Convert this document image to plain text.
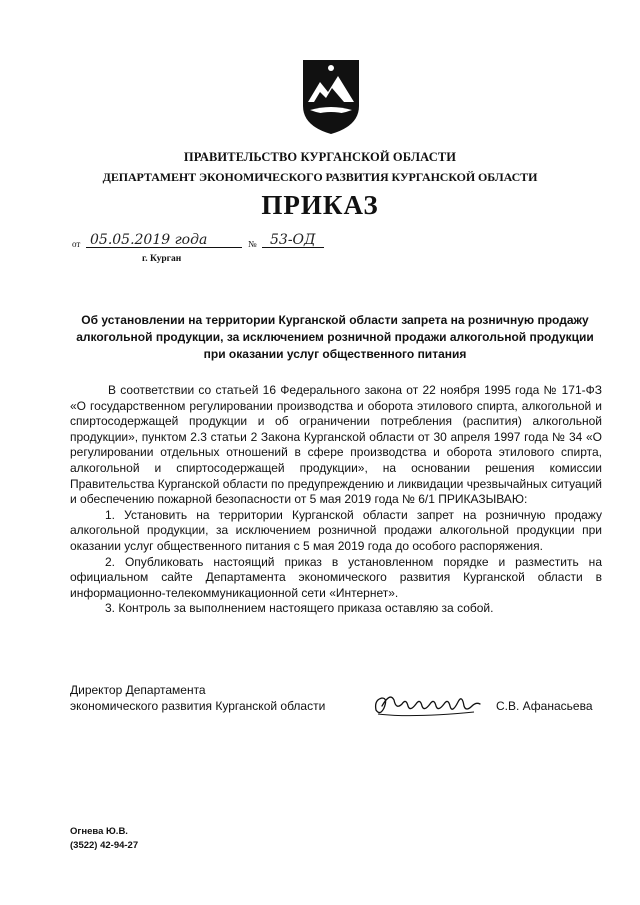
ПРАВИТЕЛЬСТВО КУРГАНСКОЙ ОБЛАСТИ
ДЕПАРТАМЕНТ ЭКОНОМИЧЕСКОГО РАЗВИТИЯ КУРГАНСКОЙ ОБЛАСТИ
ПРИКАЗ
от 05.05.2019 года	№ 53-ОД
г. Курган
Об установлении на территории Курганской области запрета на розничную продажу алкогольной продукции, за исключением розничной продажи алкогольной продукции при оказании услуг общественного питания

В соответствии со статьей 16 Федерального закона от 22 ноября 1995 года № 171-ФЗ «О государственном регулировании производства и оборота этилового спирта, алкогольной и спиртосодержащей продукции и об ограничении потребления (распития) алкогольной продукции», пунктом 2.3 статьи 2 Закона Курганской области от 30 апреля 1997 года № 34 «О регулировании отдельных отношений в сфере производства и оборота этилового спирта, алкогольной и спиртосодержащей продукции», на основании решения комиссии Правительства Курганской области по предупреждению и ликвидации чрезвычайных ситуаций и обеспечению пожарной безопасности от 5 мая 2019 года № 6/1 ПРИКАЗЫВАЮ:

1. Установить на территории Курганской области запрет на розничную продажу алкогольной продукции, за исключением розничной продажи алкогольной продукции при оказании услуг общественного питания с 5 мая 2019 года до особого распоряжения.

2. Опубликовать настоящий приказ в установленном порядке и разместить на официальном сайте Департамента экономического развития Курганской области в информационно-телекоммуникационной сети «Интернет».

3. Контроль за выполнением настоящего приказа оставляю за собой.

Директор Департамента
экономического развития Курганской области	С.В. Афанасьева
Огнева Ю.В.
(3522) 42-94-27
